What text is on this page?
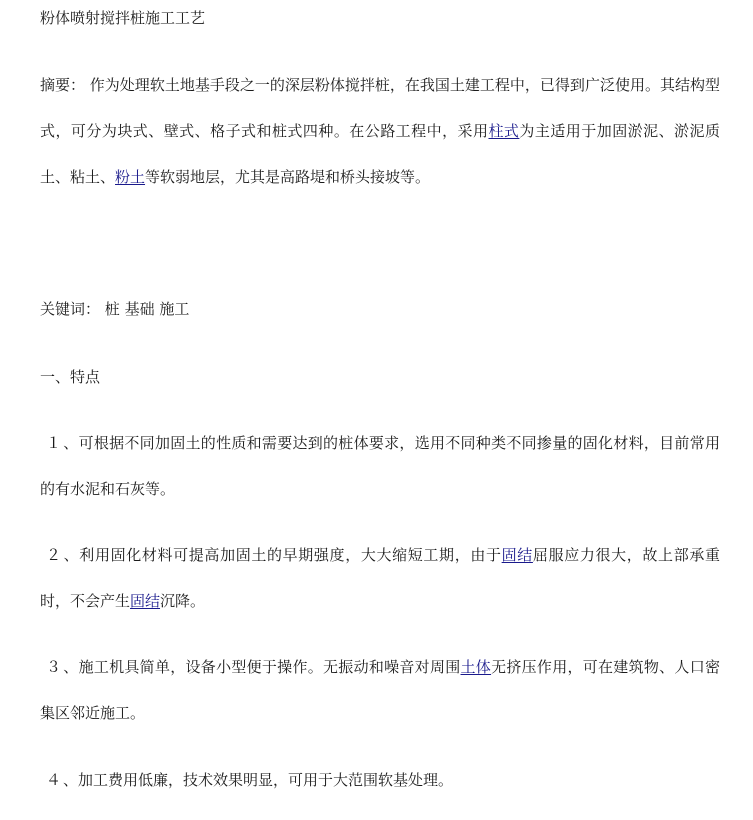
粉体喷射搅拌桩施工工艺
摘要： 作为处理软土地基手段之一的深层粉体搅拌桩，在我国土建工程中，已得到广泛使用。其结构型式，可分为块式、壁式、格子式和桩式四种。在公路工程中，采用柱式为主适用于加固淤泥、淤泥质土、粘土、粉土等软弱地层，尤其是高路堤和桥头接坡等。
关键词： 桩 基础 施工
一、特点
１ 、可根据不同加固土的性质和需要达到的桩体要求，选用不同种类不同掺量的固化材料，目前常用的有水泥和石灰等。
２ 、利用固化材料可提高加固土的早期强度，大大缩短工期，由于固结屈服应力很大，故上部承重时，不会产生固结沉降。
３ 、施工机具简单，设备小型便于操作。无振动和噪音对周围土体无挤压作用，可在建筑物、人口密集区邻近施工。
４ 、加工费用低廉，技术效果明显，可用于大范围软基处理。
